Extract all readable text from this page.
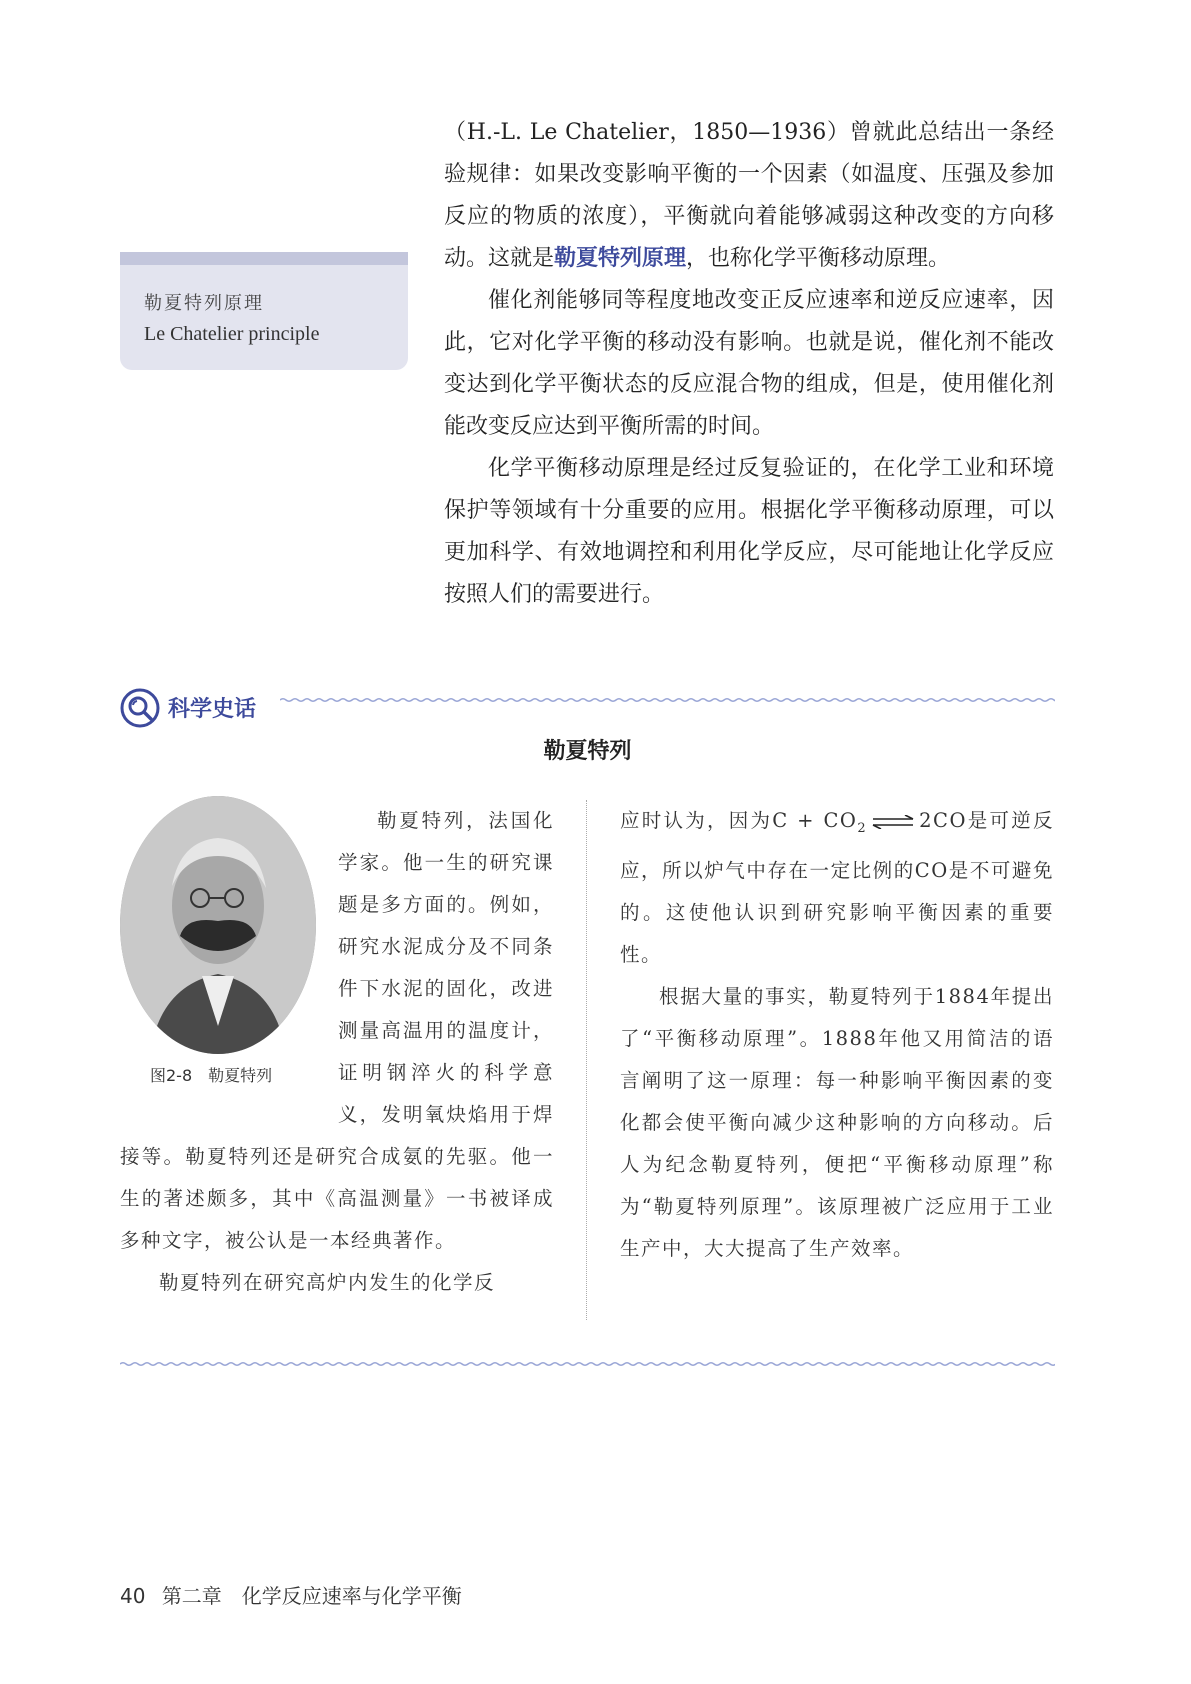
（H.-L. Le Chatelier，1850—1936）曾就此总结出一条经验规律：如果改变影响平衡的一个因素（如温度、压强及参加反应的物质的浓度），平衡就向着能够减弱这种改变的方向移动。这就是勒夏特列原理，也称化学平衡移动原理。

催化剂能够同等程度地改变正反应速率和逆反应速率，因此，它对化学平衡的移动没有影响。也就是说，催化剂不能改变达到化学平衡状态的反应混合物的组成，但是，使用催化剂能改变反应达到平衡所需的时间。

化学平衡移动原理是经过反复验证的，在化学工业和环境保护等领域有十分重要的应用。根据化学平衡移动原理，可以更加科学、有效地调控和利用化学反应，尽可能地让化学反应按照人们的需要进行。

勒夏特列原理
Le Chatelier principle
科学史话
勒夏特列
图2-8　勒夏特列

勒夏特列，法国化学家。他一生的研究课题是多方面的。例如，研究水泥成分及不同条件下水泥的固化，改进测量高温用的温度计，证明钢淬火的科学意义，发明氧炔焰用于焊接等。勒夏特列还是研究合成氨的先驱。他一生的著述颇多，其中《高温测量》一书被译成多种文字，被公认是一本经典著作。

勒夏特列在研究高炉内发生的化学反

应时认为，因为$C + CO_2$ ⇌ 2CO是可逆反应，所以炉气中存在一定比例的CO是不可避免的。这使他认识到研究影响平衡因素的重要性。

根据大量的事实，勒夏特列于1884年提出了“平衡移动原理”。1888年他又用简洁的语言阐明了这一原理：每一种影响平衡因素的变化都会使平衡向减少这种影响的方向移动。后人为纪念勒夏特列，便把“平衡移动原理”称为“勒夏特列原理”。该原理被广泛应用于工业生产中，大大提高了生产效率。

40 第二章　化学反应速率与化学平衡
